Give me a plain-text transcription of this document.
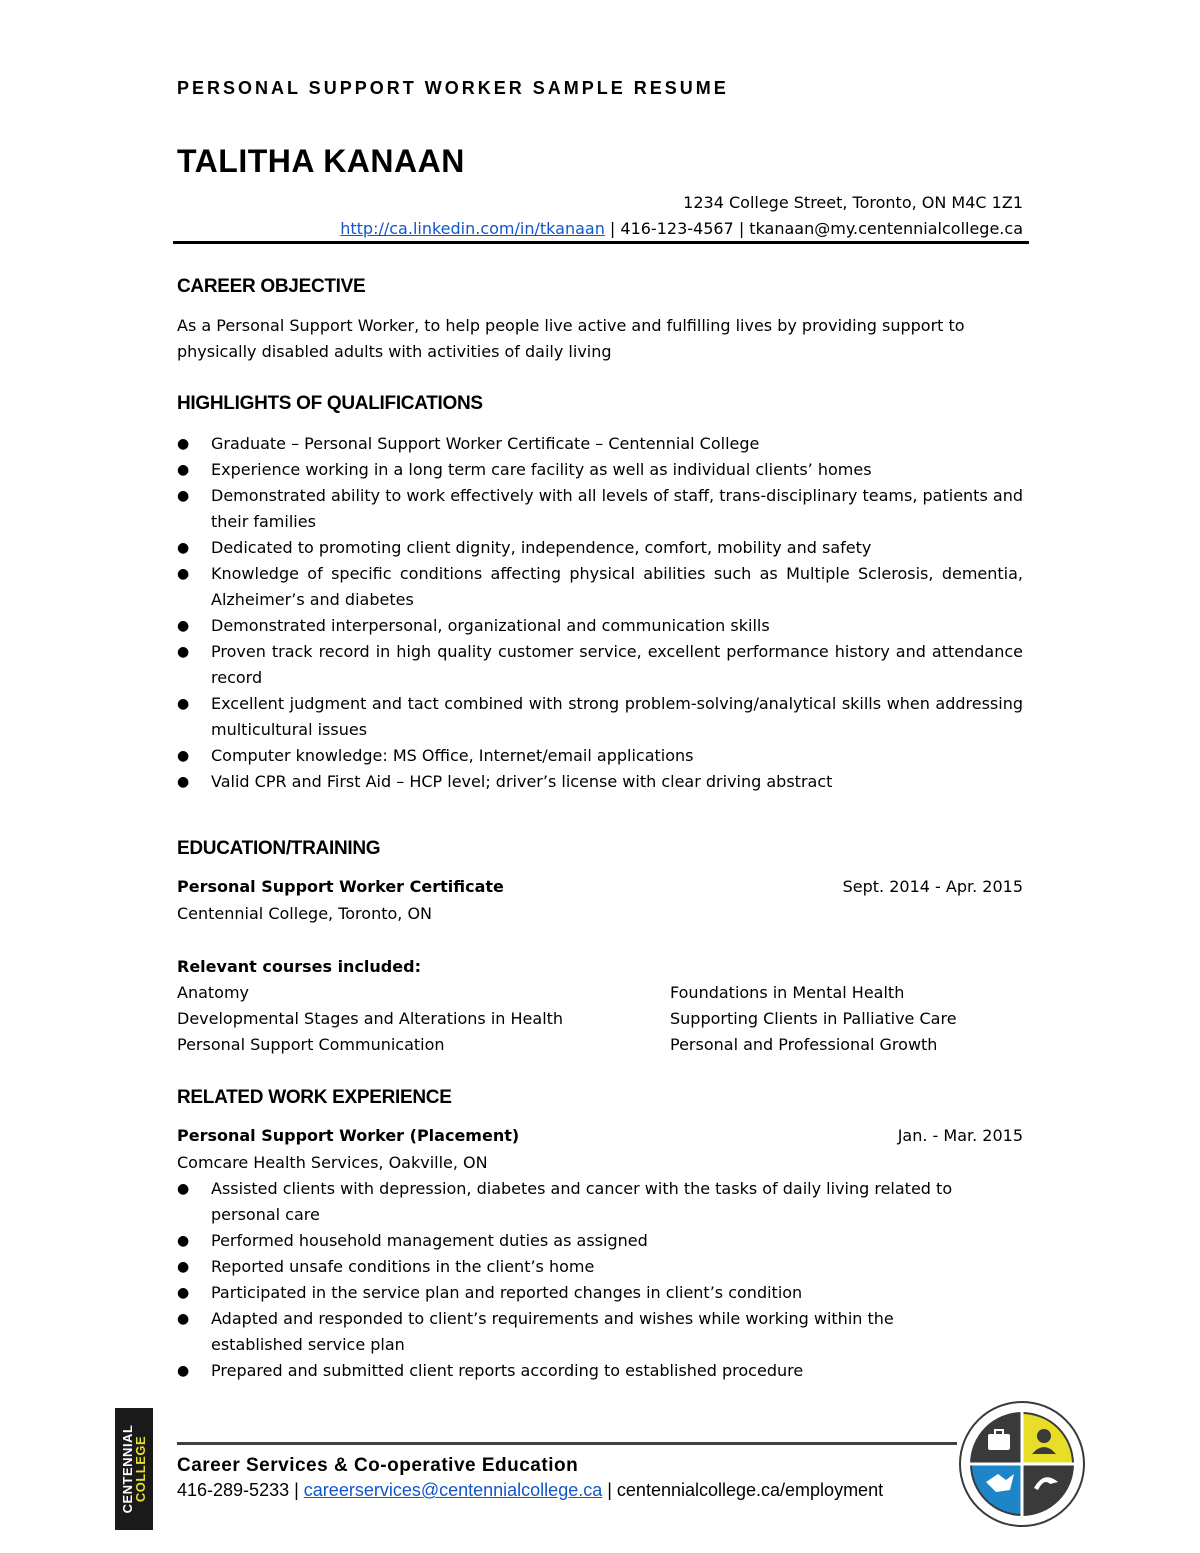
PERSONAL SUPPORT WORKER SAMPLE RESUME
TALITHA KANAAN
1234 College Street, Toronto, ON M4C 1Z1
http://ca.linkedin.com/in/tkanaan | 416-123-4567 | tkanaan@my.centennialcollege.ca
CAREER OBJECTIVE
As a Personal Support Worker, to help people live active and fulfilling lives by providing support to physically disabled adults with activities of daily living
HIGHLIGHTS OF QUALIFICATIONS
● Graduate – Personal Support Worker Certificate – Centennial College
● Experience working in a long term care facility as well as individual clients’ homes
● Demonstrated ability to work effectively with all levels of staff, trans-disciplinary teams, patients and their families
● Dedicated to promoting client dignity, independence, comfort, mobility and safety
● Knowledge of specific conditions affecting physical abilities such as Multiple Sclerosis, dementia, Alzheimer’s and diabetes
● Demonstrated interpersonal, organizational and communication skills
● Proven track record in high quality customer service, excellent performance history and attendance record
● Excellent judgment and tact combined with strong problem-solving/analytical skills when addressing multicultural issues
● Computer knowledge: MS Office, Internet/email applications
● Valid CPR and First Aid – HCP level; driver’s license with clear driving abstract
EDUCATION/TRAINING
Personal Support Worker Certificate	Sept. 2014 - Apr. 2015
Centennial College, Toronto, ON
Relevant courses included:
Anatomy	Foundations in Mental Health
Developmental Stages and Alterations in Health	Supporting Clients in Palliative Care
Personal Support Communication	Personal and Professional Growth
RELATED WORK EXPERIENCE
Personal Support Worker (Placement)	Jan. - Mar. 2015
Comcare Health Services, Oakville, ON
● Assisted clients with depression, diabetes and cancer with the tasks of daily living related to personal care
● Performed household management duties as assigned
● Reported unsafe conditions in the client’s home
● Participated in the service plan and reported changes in client’s condition
● Adapted and responded to client’s requirements and wishes while working within the established service plan
● Prepared and submitted client reports according to established procedure
CENTENNIAL
COLLEGE Career Services & Co-operative Education
416-289-5233 | careerservices@centennialcollege.ca | centennialcollege.ca/employment
